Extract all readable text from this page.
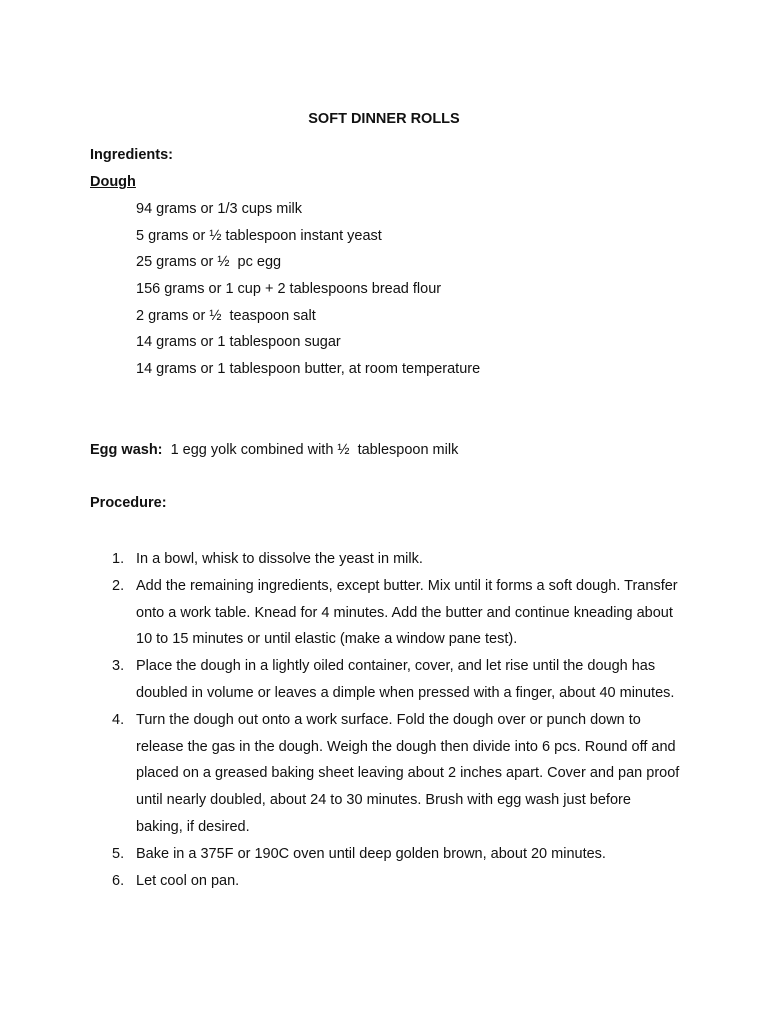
SOFT DINNER ROLLS
Ingredients:
Dough
94 grams or 1/3 cups milk
5 grams or ½ tablespoon instant yeast
25 grams or ½  pc egg
156 grams or 1 cup + 2 tablespoons bread flour
2 grams or ½  teaspoon salt
14 grams or 1 tablespoon sugar
14 grams or 1 tablespoon butter, at room temperature
Egg wash: 1 egg yolk combined with ½  tablespoon milk
Procedure:
1. In a bowl, whisk to dissolve the yeast in milk.
2. Add the remaining ingredients, except butter. Mix until it forms a soft dough. Transfer onto a work table. Knead for 4 minutes. Add the butter and continue kneading about 10 to 15 minutes or until elastic (make a window pane test).
3. Place the dough in a lightly oiled container, cover, and let rise until the dough has doubled in volume or leaves a dimple when pressed with a finger, about 40 minutes.
4. Turn the dough out onto a work surface. Fold the dough over or punch down to release the gas in the dough. Weigh the dough then divide into 6 pcs. Round off and placed on a greased baking sheet leaving about 2 inches apart. Cover and pan proof until nearly doubled, about 24 to 30 minutes. Brush with egg wash just before baking, if desired.
5. Bake in a 375F or 190C oven until deep golden brown, about 20 minutes.
6. Let cool on pan.
